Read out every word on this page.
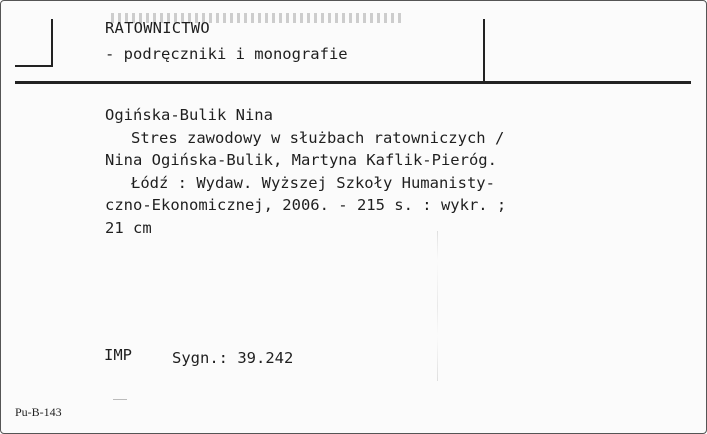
RATOWNICTWO
- podręczniki i monografie
Ogińska-Bulik Nina
Stres zawodowy w służbach ratowniczych /
Nina Ogińska-Bulik, Martyna Kaflik-Pieróg.
Łódź : Wydaw. Wyższej Szkoły Humanisty-
czno-Ekonomicznej, 2006. - 215 s. : wykr. ;
21 cm
IMP	Sygn.: 39.242
Pu-B-143
